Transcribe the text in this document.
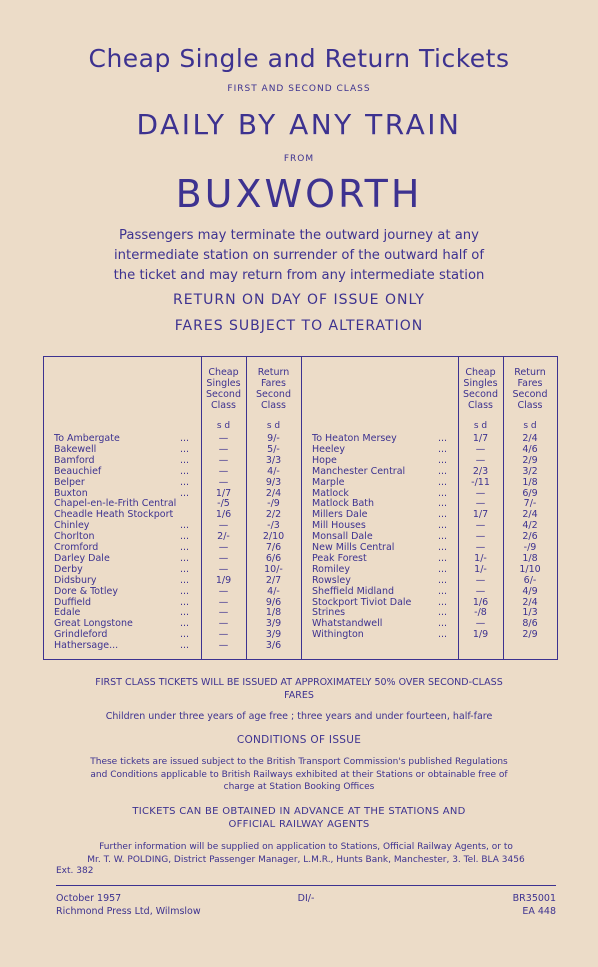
Cheap Single and Return Tickets
FIRST AND SECOND CLASS
DAILY BY ANY TRAIN
FROM
BUXWORTH
Passengers may terminate the outward journey at any
intermediate station on surrender of the outward half of
the ticket and may return from any intermediate station
RETURN ON DAY OF ISSUE ONLY
FARES SUBJECT TO ALTERATION
Cheap
Singles
Second
Class
Return
Fares
Second
Class
Cheap
Singles
Second
Class
Return
Fares
Second
Class
s d	s d	s d	s d
To Ambergate	...	—	9/-
Bakewell	...	—	5/-
Bamford	...	—	3/3
Beauchief	...	—	4/-
Belper	...	—	9/3
Buxton	...	1/7	2/4
Chapel-en-le-Frith Central	-/5	-/9
Cheadle Heath Stockport	1/6	2/2
Chinley	...	—	-/3
Chorlton	...	2/-	2/10
Cromford	...	—	7/6
Darley Dale	...	—	6/6
Derby	...	—	10/-
Didsbury	...	1/9	2/7
Dore & Totley	...	—	4/-
Duffield	...	—	9/6
Edale	...	—	1/8
Great Longstone	...	—	3/9
Grindleford	...	—	3/9
Hathersage...	...	—	3/6
To Heaton Mersey	...	1/7	2/4
Heeley	...	—	4/6
Hope	...	—	2/9
Manchester Central	...	2/3	3/2
Marple	...	-/11	1/8
Matlock	...	—	6/9
Matlock Bath	...	—	7/-
Millers Dale	...	1/7	2/4
Mill Houses	...	—	4/2
Monsall Dale	...	—	2/6
New Mills Central	...	—	-/9
Peak Forest	...	1/-	1/8
Romiley	...	1/-	1/10
Rowsley	...	—	6/-
Sheffield Midland	...	—	4/9
Stockport Tiviot Dale	...	1/6	2/4
Strines	...	-/8	1/3
Whatstandwell	...	—	8/6
Withington	...	1/9	2/9
FIRST CLASS TICKETS WILL BE ISSUED AT APPROXIMATELY 50% OVER SECOND-CLASS
FARES
Children under three years of age free ; three years and under fourteen, half-fare
CONDITIONS OF ISSUE
These tickets are issued subject to the British Transport Commission's published Regulations
and Conditions applicable to British Railways exhibited at their Stations or obtainable free of
charge at Station Booking Offices
TICKETS CAN BE OBTAINED IN ADVANCE AT THE STATIONS AND
OFFICIAL RAILWAY AGENTS
Further information will be supplied on application to Stations, Official Railway Agents, or to
Mr. T. W. POLDING, District Passenger Manager, L.M.R., Hunts Bank, Manchester, 3. Tel. BLA 3456
Ext. 382
October 1957
Richmond Press Ltd, Wilmslow
DI/-	BR35001
EA 448
